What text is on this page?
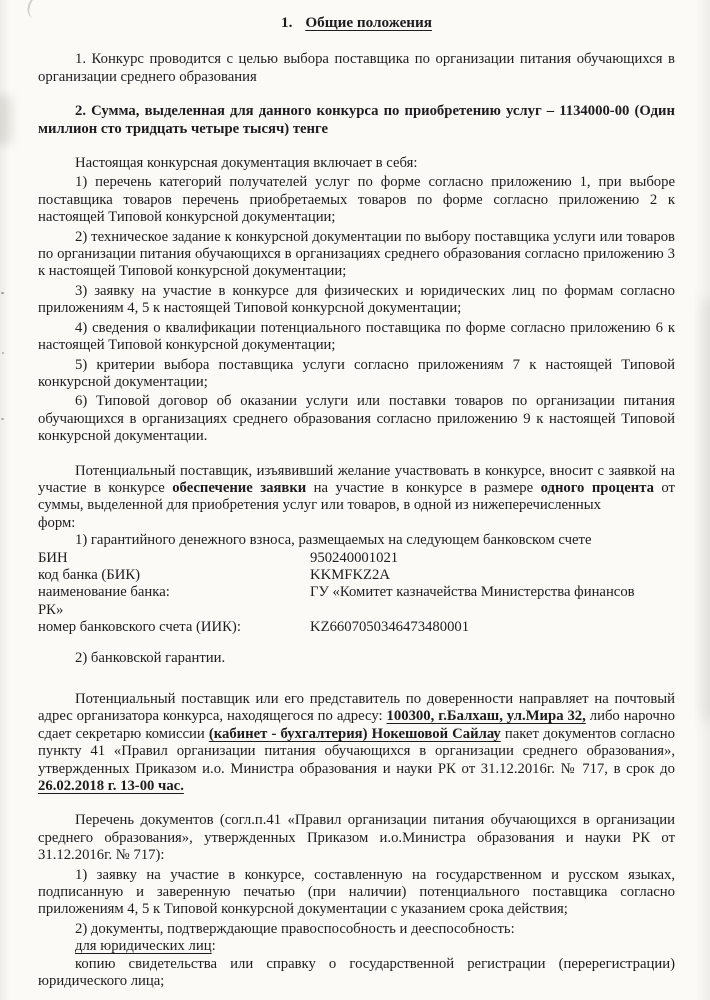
1. Общие положения

1. Конкурс проводится с целью выбора поставщика по организации питания обучающихся в организации среднего образования

2. Сумма, выделенная для данного конкурса по приобретению услуг – 1134000-00 (Один миллион сто тридцать четыре тысяч) тенге

Настоящая конкурсная документация включает в себя:

1) перечень категорий получателей услуг по форме согласно приложению 1, при выборе поставщика товаров перечень приобретаемых товаров по форме согласно приложению 2 к настоящей Типовой конкурсной документации;

2) техническое задание к конкурсной документации по выбору поставщика услуги или товаров по организации питания обучающихся в организациях среднего образования согласно приложению 3 к настоящей Типовой конкурсной документации;

3) заявку на участие в конкурсе для физических и юридических лиц по формам согласно приложениям 4, 5 к настоящей Типовой конкурсной документации;

4) сведения о квалификации потенциального поставщика по форме согласно приложению 6 к настоящей Типовой конкурсной документации;

5) критерии выбора поставщика услуги согласно приложениям 7 к настоящей Типовой конкурсной документации;

6) Типовой договор об оказании услуги или поставки товаров по организации питания обучающихся в организациях среднего образования согласно приложению 9 к настоящей Типовой конкурсной документации.

Потенциальный поставщик, изъявивший желание участвовать в конкурсе, вносит с заявкой на участие в конкурсе обеспечение заявки на участие в конкурсе в размере одного процента от суммы, выделенной для приобретения услуг или товаров, в одной из нижеперечисленных

форм:

1) гарантийного денежного взноса, размещаемых на следующем банковском счете

БИН	950240001021

код банка (БИК)	KKMFKZ2A

наименование банка:	ГУ «Комитет казначейства Министерства финансов
РК»

номер банковского счета (ИИК):	KZ6607050346473480001

2) банковской гарантии.

Потенциальный поставщик или его представитель по доверенности направляет на почтовый адрес организатора конкурса, находящегося по адресу: 100300, г.Балхаш, ул.Мира 32, либо нарочно сдает секретарю комиссии (кабинет - бухгалтерия) Нокешовой Сайлау пакет документов согласно пункту 41 «Правил организации питания обучающихся в организации среднего образования», утвержденных Приказом и.о. Министра образования и науки РК от 31.12.2016г. № 717, в срок до 26.02.2018 г. 13-00 час.

Перечень документов (согл.п.41 «Правил организации питания обучающихся в организации среднего образования», утвержденных Приказом и.о.Министра образования и науки РК от 31.12.2016г. № 717):

1) заявку на участие в конкурсе, составленную на государственном и русском языках, подписанную и заверенную печатью (при наличии) потенциального поставщика согласно приложениям 4, 5 к Типовой конкурсной документации с указанием срока действия;

2) документы, подтверждающие правоспособность и дееспособность:

для юридических лиц:

копию свидетельства или справку о государственной регистрации (перерегистрации) юридического лица;
